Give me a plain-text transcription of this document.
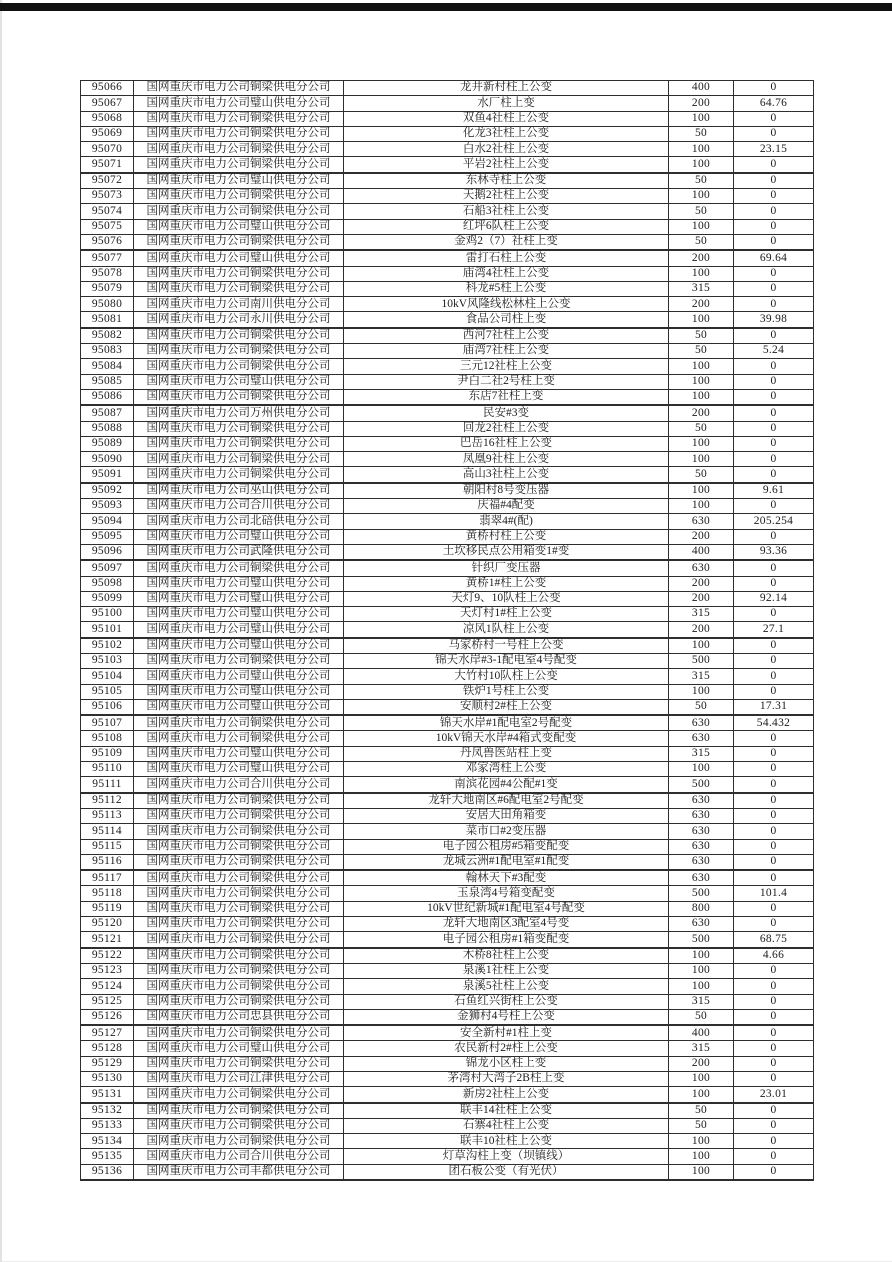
95066	国网重庆市电力公司铜梁供电分公司	龙井新村柱上公变	400	0
95067	国网重庆市电力公司璧山供电分公司	水厂柱上变	200	64.76
95068	国网重庆市电力公司铜梁供电分公司	双鱼4社柱上公变	100	0
95069	国网重庆市电力公司铜梁供电分公司	化龙3社柱上公变	50	0
95070	国网重庆市电力公司铜梁供电分公司	白水2社柱上公变	100	23.15
95071	国网重庆市电力公司铜梁供电分公司	平岩2社柱上公变	100	0
95072	国网重庆市电力公司璧山供电分公司	东林寺柱上公变	50	0
95073	国网重庆市电力公司铜梁供电分公司	天鹅2社柱上公变	100	0
95074	国网重庆市电力公司铜梁供电分公司	石船3社柱上公变	50	0
95075	国网重庆市电力公司璧山供电分公司	红坪6队柱上公变	100	0
95076	国网重庆市电力公司铜梁供电分公司	金鸡2（7）社柱上变	50	0
95077	国网重庆市电力公司璧山供电分公司	雷打石柱上公变	200	69.64
95078	国网重庆市电力公司铜梁供电分公司	庙湾4社柱上公变	100	0
95079	国网重庆市电力公司铜梁供电分公司	科龙#5柱上公变	315	0
95080	国网重庆市电力公司南川供电分公司	10kV风隆线松林柱上公变	200	0
95081	国网重庆市电力公司永川供电分公司	食品公司柱上变	100	39.98
95082	国网重庆市电力公司铜梁供电分公司	西河7社柱上公变	50	0
95083	国网重庆市电力公司铜梁供电分公司	庙湾7社柱上公变	50	5.24
95084	国网重庆市电力公司铜梁供电分公司	三元12社柱上公变	100	0
95085	国网重庆市电力公司璧山供电分公司	尹白二社2号柱上变	100	0
95086	国网重庆市电力公司铜梁供电分公司	东店7社柱上变	100	0
95087	国网重庆市电力公司万州供电分公司	民安#3变	200	0
95088	国网重庆市电力公司铜梁供电分公司	回龙2社柱上公变	50	0
95089	国网重庆市电力公司铜梁供电分公司	巴岳16社柱上公变	100	0
95090	国网重庆市电力公司铜梁供电分公司	凤凰9社柱上公变	100	0
95091	国网重庆市电力公司铜梁供电分公司	高山3社柱上公变	50	0
95092	国网重庆市电力公司巫山供电分公司	朝阳村8号变压器	100	9.61
95093	国网重庆市电力公司合川供电分公司	庆福#4配变	100	0
95094	国网重庆市电力公司北碚供电分公司	翡翠4#(配)	630	205.254
95095	国网重庆市电力公司璧山供电分公司	黄桥村柱上公变	200	0
95096	国网重庆市电力公司武隆供电分公司	土坎移民点公用箱变1#变	400	93.36
95097	国网重庆市电力公司铜梁供电分公司	针织厂变压器	630	0
95098	国网重庆市电力公司璧山供电分公司	黄桥1#柱上公变	200	0
95099	国网重庆市电力公司璧山供电分公司	天灯9、10队柱上公变	200	92.14
95100	国网重庆市电力公司璧山供电分公司	天灯村1#柱上公变	315	0
95101	国网重庆市电力公司璧山供电分公司	凉风1队柱上公变	200	27.1
95102	国网重庆市电力公司璧山供电分公司	马家桥村一号柱上公变	100	0
95103	国网重庆市电力公司铜梁供电分公司	锦天水岸#3-1配电室4号配变	500	0
95104	国网重庆市电力公司璧山供电分公司	大竹村10队柱上公变	315	0
95105	国网重庆市电力公司璧山供电分公司	铁炉1号柱上公变	100	0
95106	国网重庆市电力公司璧山供电分公司	安顺村2#柱上公变	50	17.31
95107	国网重庆市电力公司铜梁供电分公司	锦天水岸#1配电室2号配变	630	54.432
95108	国网重庆市电力公司铜梁供电分公司	10kV锦天水岸#4箱式变配变	630	0
95109	国网重庆市电力公司璧山供电分公司	丹凤兽医站柱上变	315	0
95110	国网重庆市电力公司璧山供电分公司	邓家湾柱上公变	100	0
95111	国网重庆市电力公司合川供电分公司	南滨花园#4公配#1变	500	0
95112	国网重庆市电力公司铜梁供电分公司	龙轩大地南区#6配电室2号配变	630	0
95113	国网重庆市电力公司铜梁供电分公司	安居大田角箱变	630	0
95114	国网重庆市电力公司铜梁供电分公司	菜市口#2变压器	630	0
95115	国网重庆市电力公司铜梁供电分公司	电子园公租房#5箱变配变	630	0
95116	国网重庆市电力公司铜梁供电分公司	龙城云洲#1配电室#1配变	630	0
95117	国网重庆市电力公司铜梁供电分公司	翰林天下#3配变	630	0
95118	国网重庆市电力公司铜梁供电分公司	玉泉湾4号箱变配变	500	101.4
95119	国网重庆市电力公司铜梁供电分公司	10kV世纪新城#1配电室4号配变	800	0
95120	国网重庆市电力公司铜梁供电分公司	龙轩大地南区3配室4号变	630	0
95121	国网重庆市电力公司铜梁供电分公司	电子园公租房#1箱变配变	500	68.75
95122	国网重庆市电力公司铜梁供电分公司	木桥8社柱上公变	100	4.66
95123	国网重庆市电力公司铜梁供电分公司	泉溪1社柱上公变	100	0
95124	国网重庆市电力公司铜梁供电分公司	泉溪5社柱上公变	100	0
95125	国网重庆市电力公司铜梁供电分公司	石鱼红兴街柱上公变	315	0
95126	国网重庆市电力公司忠县供电分公司	金狮村4号柱上公变	50	0
95127	国网重庆市电力公司铜梁供电分公司	安全新村#1柱上变	400	0
95128	国网重庆市电力公司璧山供电分公司	农民新村2#柱上公变	315	0
95129	国网重庆市电力公司铜梁供电分公司	锦龙小区柱上变	200	0
95130	国网重庆市电力公司江津供电分公司	茅湾村大湾子2B柱上变	100	0
95131	国网重庆市电力公司铜梁供电分公司	新房2社柱上公变	100	23.01
95132	国网重庆市电力公司铜梁供电分公司	联丰14社柱上公变	50	0
95133	国网重庆市电力公司铜梁供电分公司	石寨4社柱上公变	50	0
95134	国网重庆市电力公司铜梁供电分公司	联丰10社柱上公变	100	0
95135	国网重庆市电力公司合川供电分公司	灯草沟柱上变（坝镇线）	100	0
95136	国网重庆市电力公司丰都供电分公司	团石板公变（有光伏）	100	0
